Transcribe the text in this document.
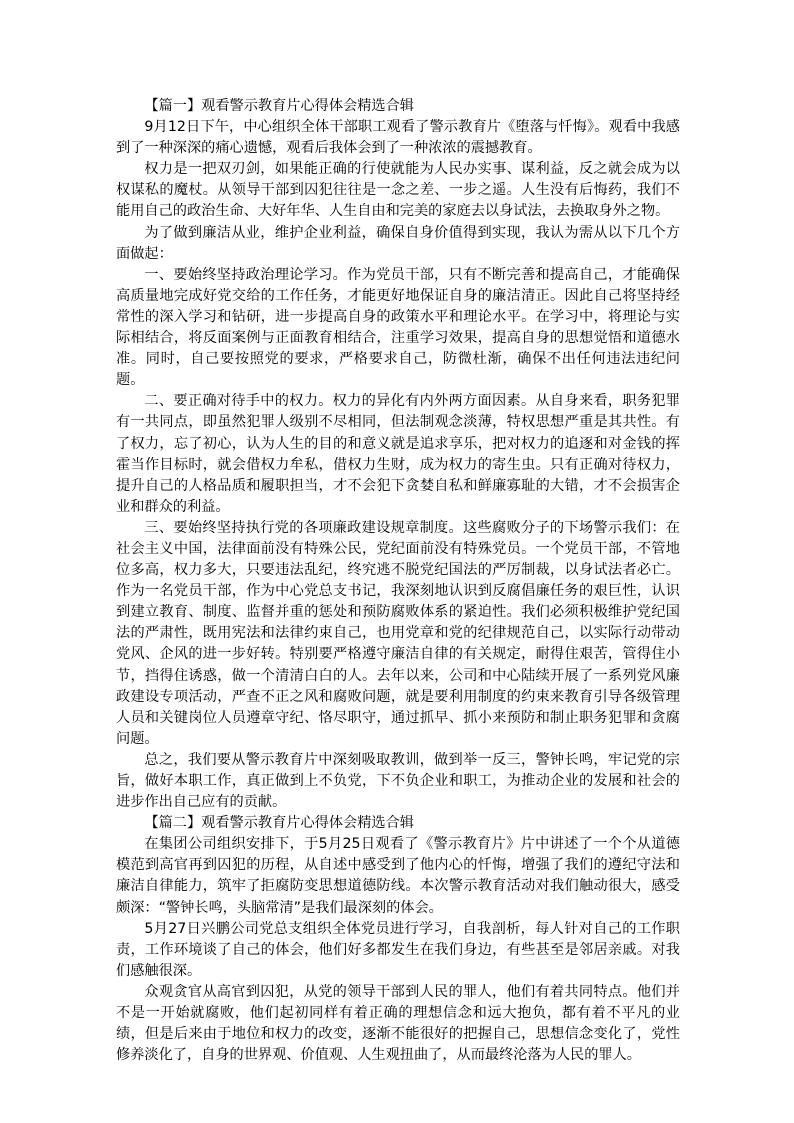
【篇一】观看警示教育片心得体会精选合辑

9月12日下午，中心组织全体干部职工观看了警示教育片《堕落与忏悔》。观看中我感到了一种深深的痛心遗憾，观看后我体会到了一种浓浓的震撼教育。

权力是一把双刃剑，如果能正确的行使就能为人民办实事、谋利益，反之就会成为以权谋私的魔杖。从领导干部到囚犯往往是一念之差、一步之遥。人生没有后悔药，我们不能用自己的政治生命、大好年华、人生自由和完美的家庭去以身试法，去换取身外之物。

为了做到廉洁从业，维护企业利益，确保自身价值得到实现，我认为需从以下几个方面做起：

一、要始终坚持政治理论学习。作为党员干部，只有不断完善和提高自己，才能确保高质量地完成好党交给的工作任务，才能更好地保证自身的廉洁清正。因此自己将坚持经常性的深入学习和钻研，进一步提高自身的政策水平和理论水平。在学习中，将理论与实际相结合，将反面案例与正面教育相结合，注重学习效果，提高自身的思想觉悟和道德水准。同时，自己要按照党的要求，严格要求自己，防微杜渐，确保不出任何违法违纪问题。

二、要正确对待手中的权力。权力的异化有内外两方面因素。从自身来看，职务犯罪有一共同点，即虽然犯罪人级别不尽相同，但法制观念淡薄，特权思想严重是其共性。有了权力，忘了初心，认为人生的目的和意义就是追求享乐，把对权力的追逐和对金钱的挥霍当作目标时，就会借权力牟私，借权力生财，成为权力的寄生虫。只有正确对待权力，提升自己的人格品质和履职担当，才不会犯下贪婪自私和鲜廉寡耻的大错，才不会损害企业和群众的利益。

三、要始终坚持执行党的各项廉政建设规章制度。这些腐败分子的下场警示我们：在社会主义中国，法律面前没有特殊公民，党纪面前没有特殊党员。一个党员干部，不管地位多高，权力多大，只要违法乱纪，终究逃不脱党纪国法的严厉制裁，以身试法者必亡。作为一名党员干部，作为中心党总支书记，我深刻地认识到反腐倡廉任务的艰巨性，认识到建立教育、制度、监督并重的惩处和预防腐败体系的紧迫性。我们必须积极维护党纪国法的严肃性，既用宪法和法律约束自己，也用党章和党的纪律规范自己，以实际行动带动党风、企风的进一步好转。特别要严格遵守廉洁自律的有关规定，耐得住艰苦，管得住小节，挡得住诱惑，做一个清清白白的人。去年以来，公司和中心陆续开展了一系列党风廉政建设专项活动，严查不正之风和腐败问题，就是要利用制度的约束来教育引导各级管理人员和关键岗位人员遵章守纪、恪尽职守，通过抓早、抓小来预防和制止职务犯罪和贪腐问题。

总之，我们要从警示教育片中深刻吸取教训，做到举一反三，警钟长鸣，牢记党的宗旨，做好本职工作，真正做到上不负党，下不负企业和职工，为推动企业的发展和社会的进步作出自己应有的贡献。

【篇二】观看警示教育片心得体会精选合辑

在集团公司组织安排下，于5月25日观看了《警示教育片》片中讲述了一个个从道德模范到高官再到囚犯的历程，从自述中感受到了他内心的忏悔，增强了我们的遵纪守法和廉洁自律能力，筑牢了拒腐防变思想道德防线。本次警示教育活动对我们触动很大，感受颇深：“警钟长鸣，头脑常清”是我们最深刻的体会。

5月27日兴鹏公司党总支组织全体党员进行学习，自我剖析，每人针对自己的工作职责，工作环境谈了自己的体会，他们好多都发生在我们身边，有些甚至是邻居亲戚。对我们感触很深。

众观贪官从高官到囚犯，从党的领导干部到人民的罪人，他们有着共同特点。他们并不是一开始就腐败，他们起初同样有着正确的理想信念和远大抱负，都有着不平凡的业绩，但是后来由于地位和权力的改变，逐渐不能很好的把握自己，思想信念变化了，党性修养淡化了，自身的世界观、价值观、人生观扭曲了，从而最终沦落为人民的罪人。
